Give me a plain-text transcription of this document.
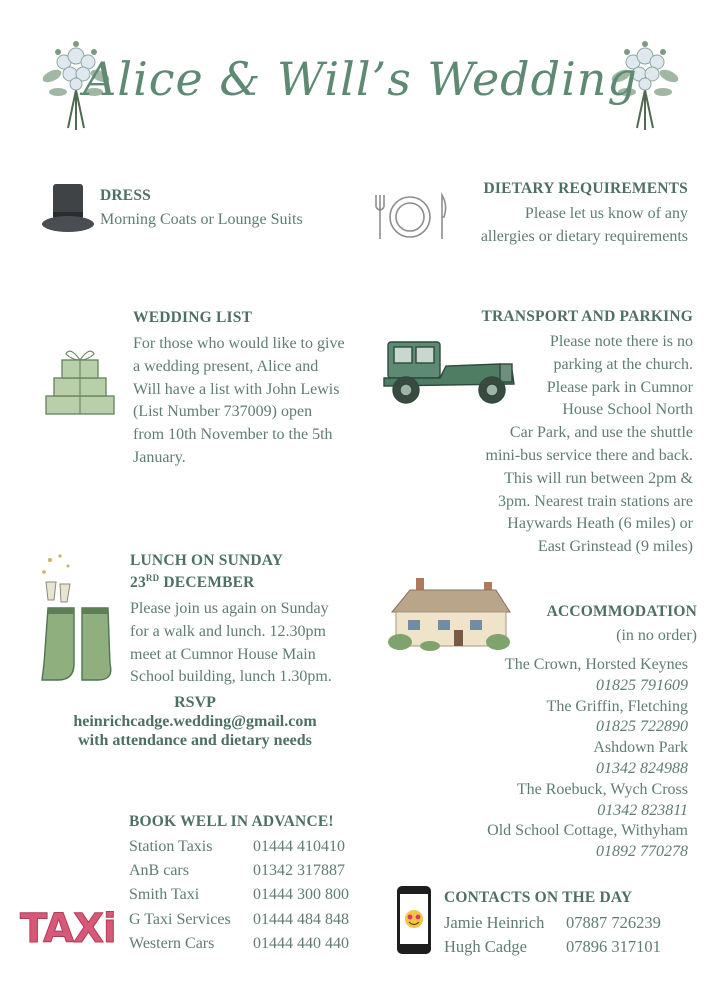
Alice & Will’s Wedding
DRESS
Morning Coats or Lounge Suits
DIETARY REQUIREMENTS
Please let us know of any
allergies or dietary requirements
WEDDING LIST
For those who would like to give
a wedding present, Alice and
Will have a list with John Lewis
(List Number 737009) open
from 10th November to the 5th
January.
TRANSPORT AND PARKING
Please note there is no
parking at the church.
Please park in Cumnor
House School North
Car Park, and use the shuttle
mini-bus service there and back.
This will run between 2pm &
3pm. Nearest train stations are
Haywards Heath (6 miles) or
East Grinstead (9 miles)
LUNCH ON SUNDAY
23RD DECEMBER
Please join us again on Sunday
for a walk and lunch. 12.30pm
meet at Cumnor House Main
School building, lunch 1.30pm.
RSVP
heinrichcadge.wedding@gmail.com
with attendance and dietary needs
ACCOMMODATION
(in no order)
The Crown, Horsted Keynes
01825 791609
The Griffin, Fletching
01825 722890
Ashdown Park
01342 824988
The Roebuck, Wych Cross
01342 823811
Old School Cottage, Withyham
01892 770278
BOOK WELL IN ADVANCE!
Station Taxis	01444 410410
AnB cars	01342 317887
Smith Taxi	01444 300 800
G Taxi Services	01444 484 848
Western Cars	01444 440 440
TAXi
CONTACTS ON THE DAY
Jamie Heinrich	07887 726239
Hugh Cadge	07896 317101
